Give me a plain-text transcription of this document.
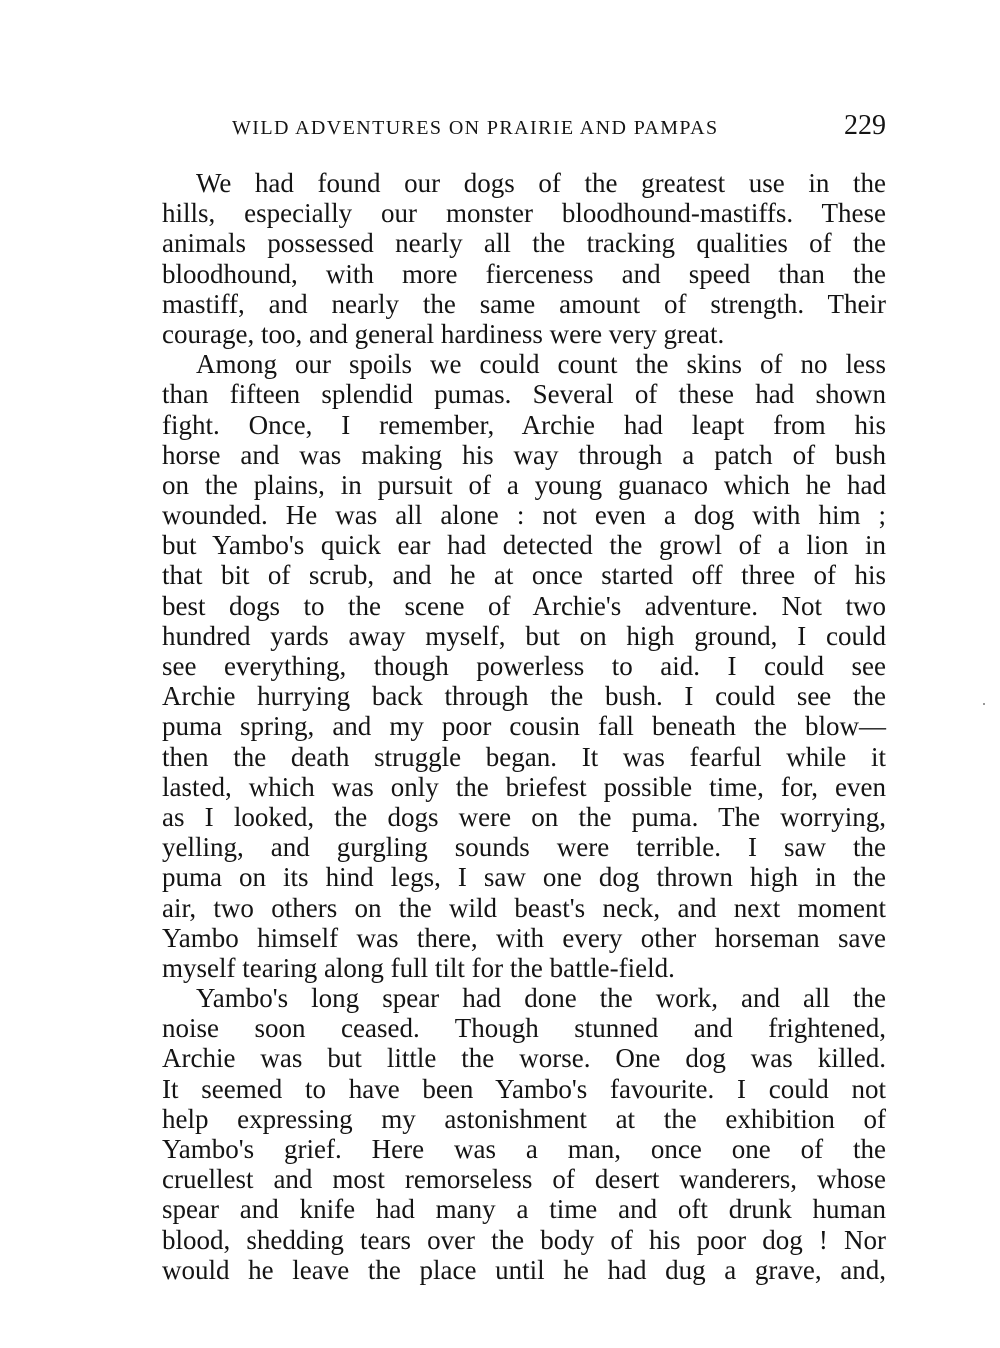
WILD ADVENTURES ON PRAIRIE AND PAMPAS	229

We had found our dogs of the greatest use in the
hills, especially our monster bloodhound-mastiffs. These
animals possessed nearly all the tracking qualities of the
bloodhound, with more fierceness and speed than the
mastiff, and nearly the same amount of strength. Their
courage, too, and general hardiness were very great.

Among our spoils we could count the skins of no less
than fifteen splendid pumas. Several of these had shown
fight. Once, I remember, Archie had leapt from his
horse and was making his way through a patch of bush
on the plains, in pursuit of a young guanaco which he had
wounded. He was all alone : not even a dog with him ;
but Yambo's quick ear had detected the growl of a lion in
that bit of scrub, and he at once started off three of his
best dogs to the scene of Archie's adventure. Not two
hundred yards away myself, but on high ground, I could
see everything, though powerless to aid. I could see
Archie hurrying back through the bush. I could see the
puma spring, and my poor cousin fall beneath the blow—
then the death struggle began. It was fearful while it
lasted, which was only the briefest possible time, for, even
as I looked, the dogs were on the puma. The worrying,
yelling, and gurgling sounds were terrible. I saw the
puma on its hind legs, I saw one dog thrown high in the
air, two others on the wild beast's neck, and next moment
Yambo himself was there, with every other horseman save
myself tearing along full tilt for the battle-field.

Yambo's long spear had done the work, and all the
noise soon ceased. Though stunned and frightened,
Archie was but little the worse. One dog was killed.
It seemed to have been Yambo's favourite. I could not
help expressing my astonishment at the exhibition of
Yambo's grief. Here was a man, once one of the
cruellest and most remorseless of desert wanderers, whose
spear and knife had many a time and oft drunk human
blood, shedding tears over the body of his poor dog ! Nor
would he leave the place until he had dug a grave, and,
